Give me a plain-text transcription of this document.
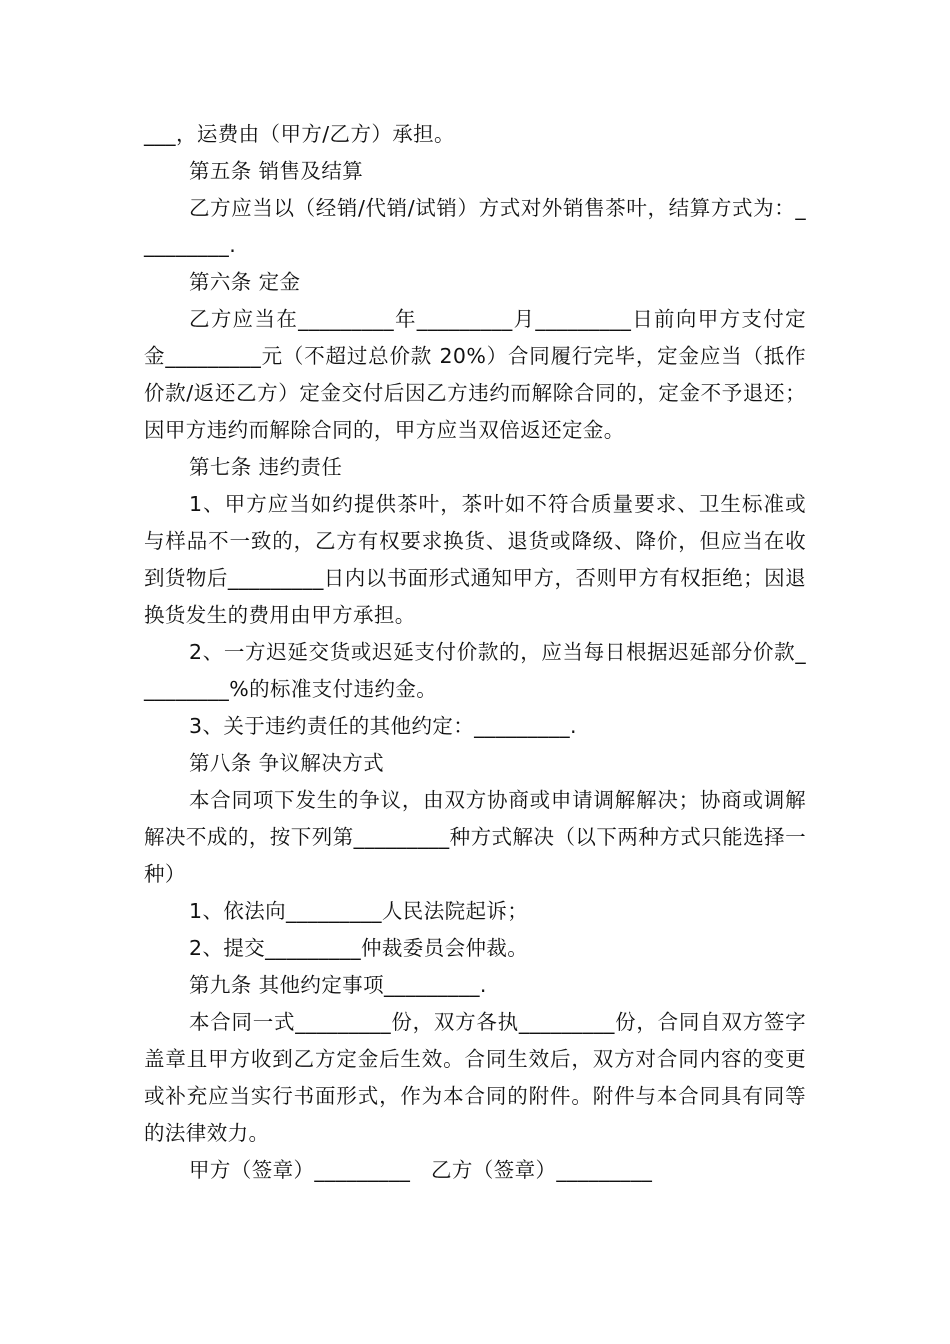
___，运费由（甲方/乙方）承担。

第五条 销售及结算

乙方应当以（经销/代销/试销）方式对外销售茶叶，结算方式为：_________.

第六条 定金

乙方应当在_________年_________月_________日前向甲方支付定金_________元（不超过总价款 20%）合同履行完毕，定金应当（抵作价款/返还乙方）定金交付后因乙方违约而解除合同的，定金不予退还；因甲方违约而解除合同的，甲方应当双倍返还定金。

第七条 违约责任

1、甲方应当如约提供茶叶，茶叶如不符合质量要求、卫生标准或与样品不一致的，乙方有权要求换货、退货或降级、降价，但应当在收到货物后_________日内以书面形式通知甲方，否则甲方有权拒绝；因退换货发生的费用由甲方承担。

2、一方迟延交货或迟延支付价款的，应当每日根据迟延部分价款_________%的标准支付违约金。

3、关于违约责任的其他约定：_________.

第八条 争议解决方式

本合同项下发生的争议，由双方协商或申请调解解决；协商或调解解决不成的，按下列第_________种方式解决（以下两种方式只能选择一种）

1、依法向_________人民法院起诉；

2、提交_________仲裁委员会仲裁。

第九条 其他约定事项_________.

本合同一式_________份，双方各执_________份，合同自双方签字盖章且甲方收到乙方定金后生效。合同生效后，双方对合同内容的变更或补充应当实行书面形式，作为本合同的附件。附件与本合同具有同等的法律效力。

甲方（签章）_________   乙方（签章）_________
